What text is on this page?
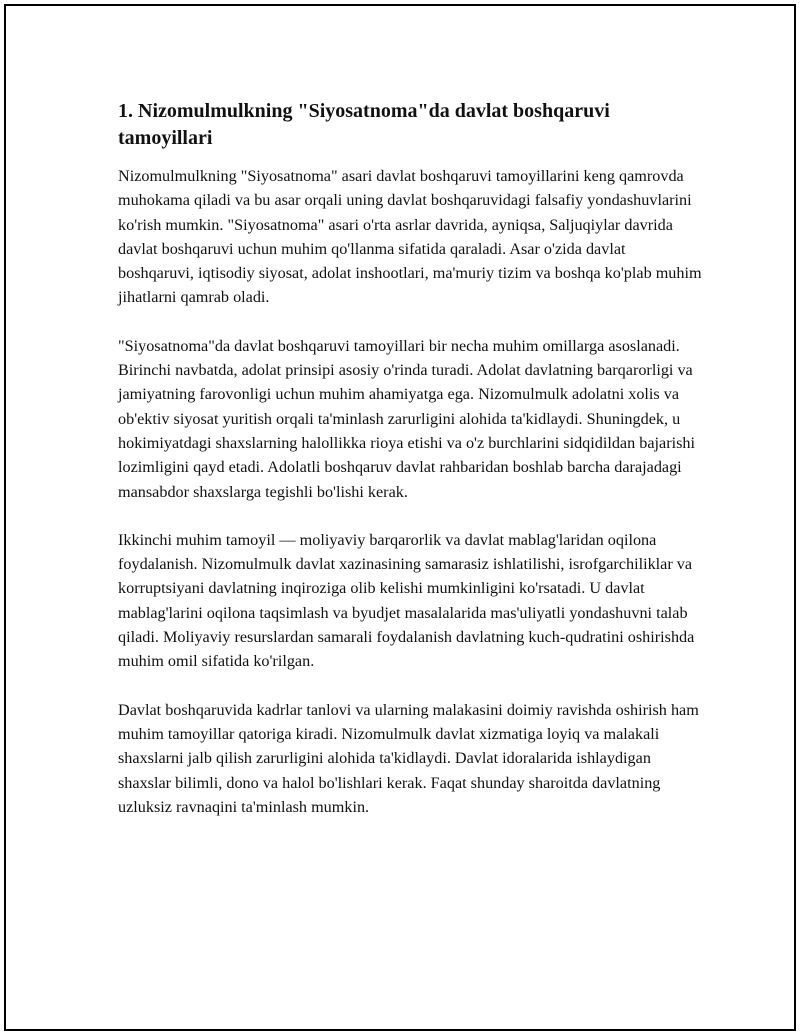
1. Nizomulmulkning "Siyosatnoma"da davlat boshqaruvi tamoyillari

Nizomulmulkning "Siyosatnoma" asari davlat boshqaruvi tamoyillarini keng qamrovda muhokama qiladi va bu asar orqali uning davlat boshqaruvidagi falsafiy yondashuvlarini ko'rish mumkin. "Siyosatnoma" asari o'rta asrlar davrida, ayniqsa, Saljuqiylar davrida davlat boshqaruvi uchun muhim qo'llanma sifatida qaraladi. Asar o'zida davlat boshqaruvi, iqtisodiy siyosat, adolat inshootlari, ma'muriy tizim va boshqa ko'plab muhim jihatlarni qamrab oladi.

"Siyosatnoma"da davlat boshqaruvi tamoyillari bir necha muhim omillarga asoslanadi. Birinchi navbatda, adolat prinsipi asosiy o'rinda turadi. Adolat davlatning barqarorligi va jamiyatning farovonligi uchun muhim ahamiyatga ega. Nizomulmulk adolatni xolis va ob'ektiv siyosat yuritish orqali ta'minlash zarurligini alohida ta'kidlaydi. Shuningdek, u hokimiyatdagi shaxslarning halollikka rioya etishi va o'z burchlarini sidqidildan bajarishi lozimligini qayd etadi. Adolatli boshqaruv davlat rahbaridan boshlab barcha darajadagi mansabdor shaxslarga tegishli bo'lishi kerak.

Ikkinchi muhim tamoyil — moliyaviy barqarorlik va davlat mablag'laridan oqilona foydalanish. Nizomulmulk davlat xazinasining samarasiz ishlatilishi, isrofgarchiliklar va korruptsiyani davlatning inqiroziga olib kelishi mumkinligini ko'rsatadi. U davlat mablag'larini oqilona taqsimlash va byudjet masalalarida mas'uliyatli yondashuvni talab qiladi. Moliyaviy resurslardan samarali foydalanish davlatning kuch-qudratini oshirishda muhim omil sifatida ko'rilgan.

Davlat boshqaruvida kadrlar tanlovi va ularning malakasini doimiy ravishda oshirish ham muhim tamoyillar qatoriga kiradi. Nizomulmulk davlat xizmatiga loyiq va malakali shaxslarni jalb qilish zarurligini alohida ta'kidlaydi. Davlat idoralarida ishlaydigan shaxslar bilimli, dono va halol bo'lishlari kerak. Faqat shunday sharoitda davlatning uzluksiz ravnaqini ta'minlash mumkin.
